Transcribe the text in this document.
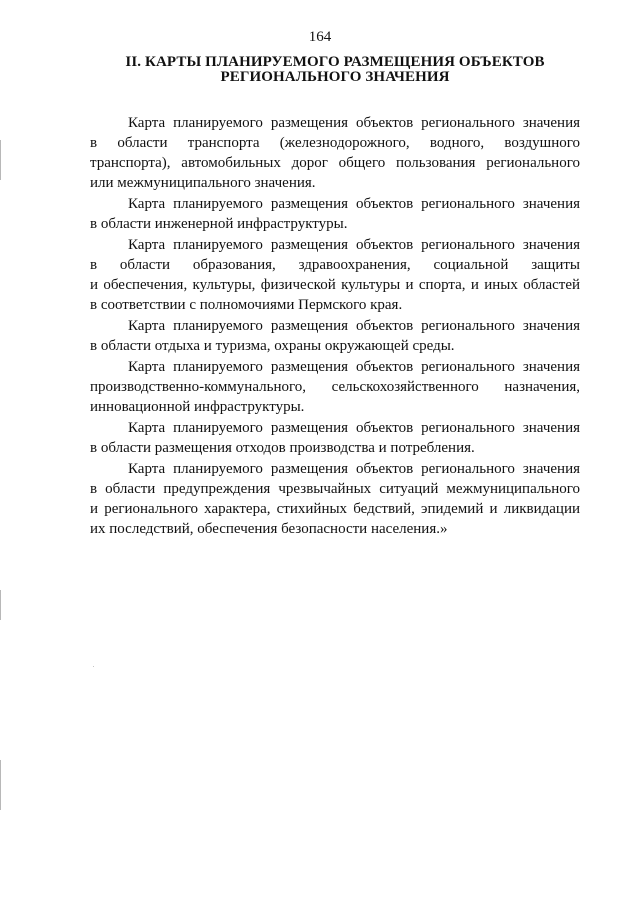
164
II. КАРТЫ ПЛАНИРУЕМОГО РАЗМЕЩЕНИЯ ОБЪЕКТОВ
РЕГИОНАЛЬНОГО ЗНАЧЕНИЯ
Карта планируемого размещения объектов регионального значения
в области транспорта (железнодорожного, водного, воздушного
транспорта), автомобильных дорог общего пользования регионального
или межмуниципального значения.
Карта планируемого размещения объектов регионального значения
в области инженерной инфраструктуры.
Карта планируемого размещения объектов регионального значения
в области образования, здравоохранения, социальной защиты
и обеспечения, культуры, физической культуры и спорта, и иных областей
в соответствии с полномочиями Пермского края.
Карта планируемого размещения объектов регионального значения
в области отдыха и туризма, охраны окружающей среды.
Карта планируемого размещения объектов регионального значения
производственно-коммунального, сельскохозяйственного назначения,
инновационной инфраструктуры.
Карта планируемого размещения объектов регионального значения
в области размещения отходов производства и потребления.
Карта планируемого размещения объектов регионального значения
в области предупреждения чрезвычайных ситуаций межмуниципального
и регионального характера, стихийных бедствий, эпидемий и ликвидации
их последствий, обеспечения безопасности населения.»
